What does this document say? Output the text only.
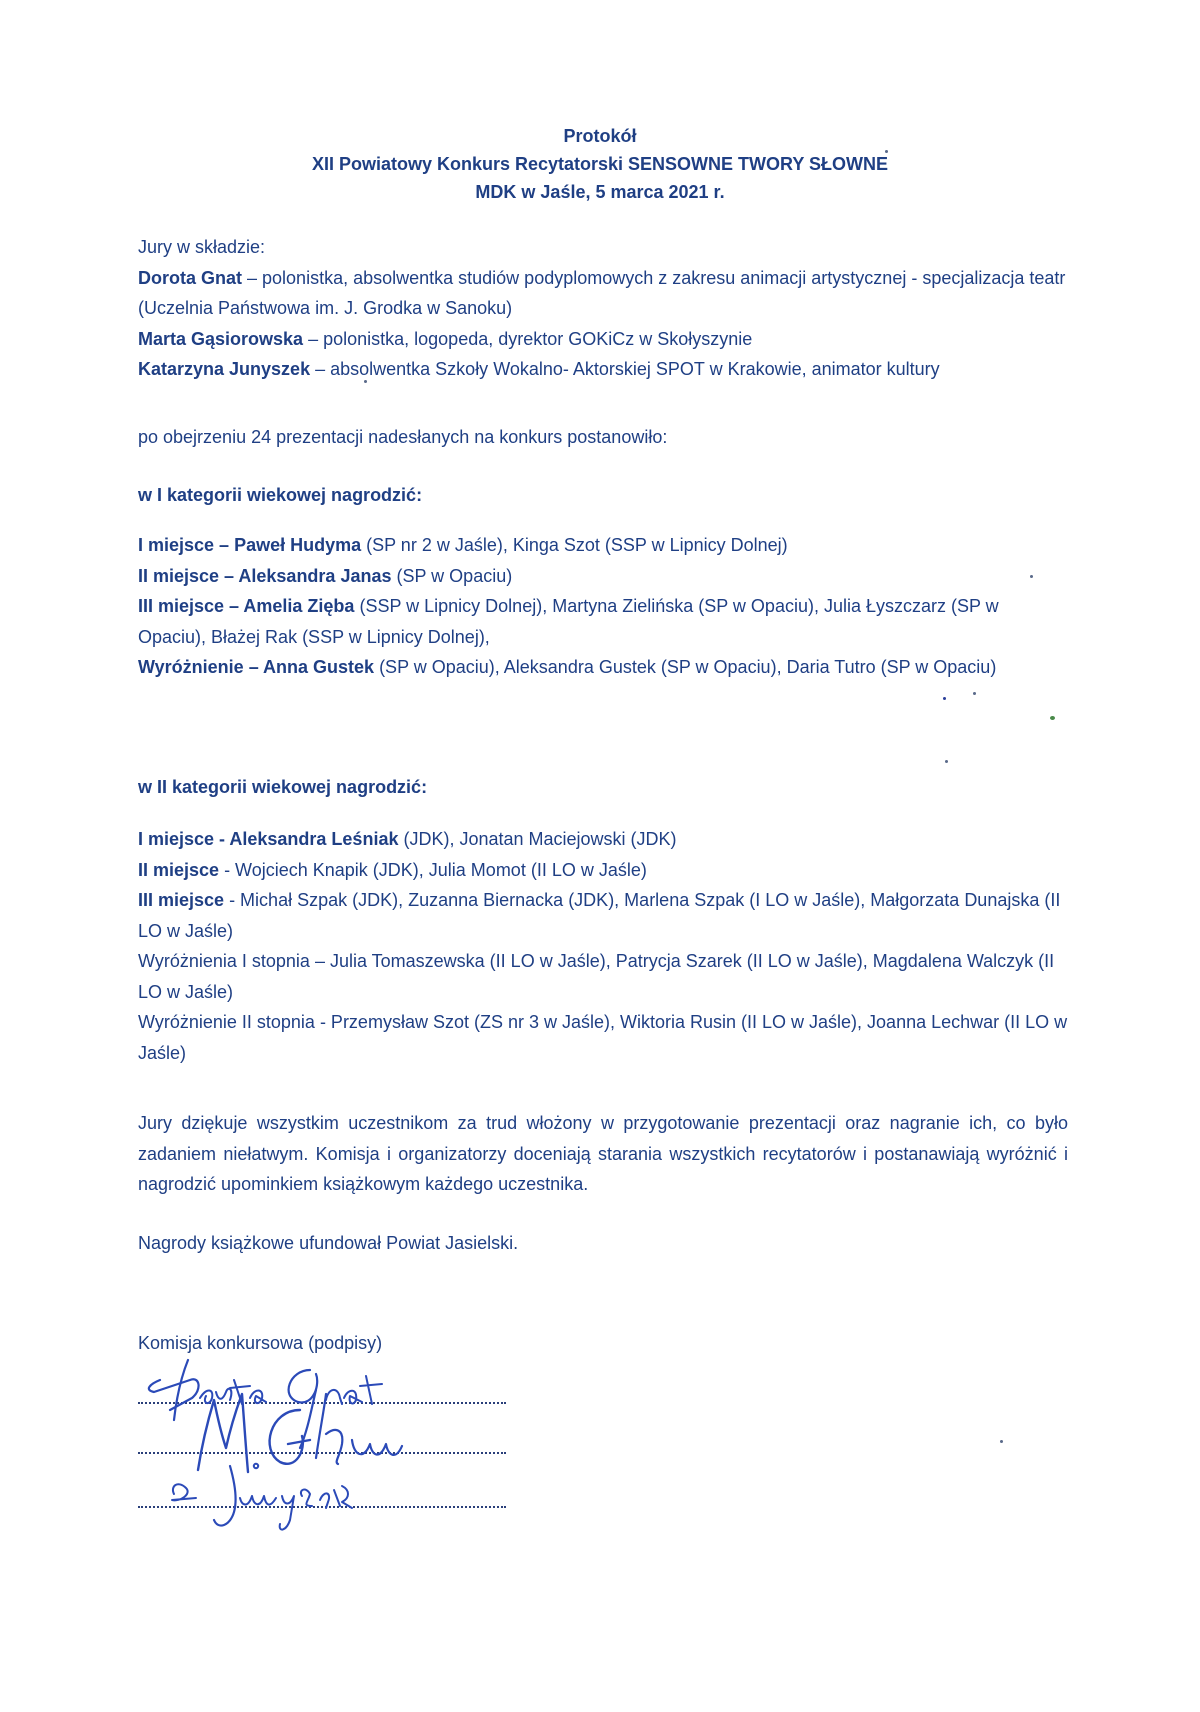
Protokół
XII Powiatowy Konkurs Recytatorski SENSOWNE TWORY SŁOWNE
MDK w Jaśle, 5 marca 2021 r.

Jury w składzie:

Dorota Gnat – polonistka, absolwentka studiów podyplomowych z zakresu animacji artystycznej - specjalizacja teatr (Uczelnia Państwowa im. J. Grodka w Sanoku)

Marta Gąsiorowska – polonistka, logopeda, dyrektor GOKiCz w Skołyszynie

Katarzyna Junyszek – absolwentka Szkoły Wokalno- Aktorskiej SPOT w Krakowie, animator kultury

po obejrzeniu 24 prezentacji nadesłanych na konkurs postanowiło:
w I kategorii wiekowej nagrodzić:

I miejsce – Paweł Hudyma (SP nr 2 w Jaśle), Kinga Szot (SSP w Lipnicy Dolnej)

II miejsce – Aleksandra Janas (SP w Opaciu)

III miejsce – Amelia Zięba (SSP w Lipnicy Dolnej), Martyna Zielińska (SP w Opaciu), Julia Łyszczarz (SP w Opaciu), Błażej Rak (SSP w Lipnicy Dolnej),

Wyróżnienie – Anna Gustek (SP w Opaciu), Aleksandra Gustek (SP w Opaciu), Daria Tutro (SP w Opaciu)

w II kategorii wiekowej nagrodzić:

I miejsce - Aleksandra Leśniak (JDK), Jonatan Maciejowski (JDK)

II miejsce - Wojciech Knapik (JDK), Julia Momot (II LO w Jaśle)

III miejsce - Michał Szpak (JDK), Zuzanna Biernacka (JDK), Marlena Szpak (I LO w Jaśle), Małgorzata Dunajska (II LO w Jaśle)

Wyróżnienia I stopnia – Julia Tomaszewska (II LO w Jaśle), Patrycja Szarek (II LO w Jaśle), Magdalena Walczyk (II LO w Jaśle)

Wyróżnienie II stopnia - Przemysław Szot (ZS nr 3 w Jaśle), Wiktoria Rusin (II LO w Jaśle), Joanna Lechwar (II LO w Jaśle)

Jury dziękuje wszystkim uczestnikom za trud włożony w przygotowanie prezentacji oraz nagranie ich, co było zadaniem niełatwym. Komisja i organizatorzy doceniają starania wszystkich recytatorów i postanawiają wyróżnić i nagrodzić upominkiem książkowym każdego uczestnika.
Nagrody książkowe ufundował Powiat Jasielski.
Komisja konkursowa (podpisy)
